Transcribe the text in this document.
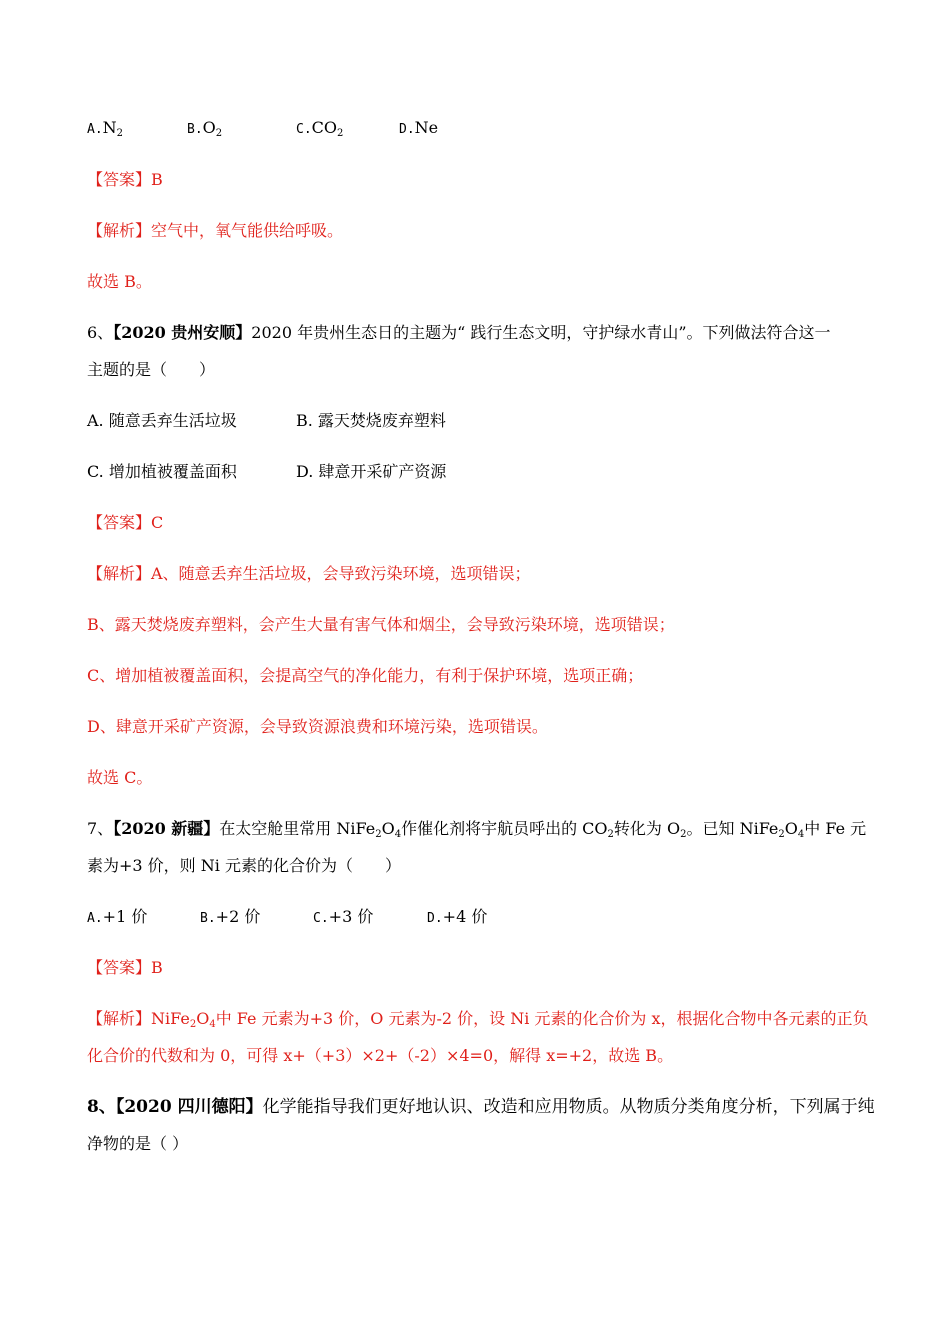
$A.N_2$	$B.O_2$	$C.CO_2$	D.Ne
【答案】B
【解析】空气中，氧气能供给呼吸。
故选 B。
6、【2020 贵州安顺】2020 年贵州生态日的主题为“ 践行生态文明，守护绿水青山”。下列做法符合这一
主题的是（　　）
A. 随意丢弃生活垃圾	B. 露天焚烧废弃塑料
C. 增加植被覆盖面积	D. 肆意开采矿产资源
【答案】C
【解析】A、随意丢弃生活垃圾，会导致污染环境，选项错误；
B、露天焚烧废弃塑料，会产生大量有害气体和烟尘，会导致污染环境，选项错误；
C、增加植被覆盖面积，会提高空气的净化能力，有利于保护环境，选项正确；
D、肆意开采矿产资源，会导致资源浪费和环境污染，选项错误。
故选 C。
7、【2020 新疆】在太空舱里常用 $NiFe_2O_4$作催化剂将宇航员呼出的 $CO_2$转化为 $O_2$。已知 $NiFe_2O_4$中 Fe 元
素为+3 价，则 Ni 元素的化合价为（　　）
A.+1 价	B.+2 价	C.+3 价	D.+4 价
【答案】B
【解析】$NiFe_2O_4$中 Fe 元素为+3 价，O 元素为-2 价，设 Ni 元素的化合价为 x，根据化合物中各元素的正负
化合价的代数和为 0，可得 x+（+3）×2+（-2）×4=0，解得 x=+2，故选 B。
8、【2020 四川德阳】化学能指导我们更好地认识、改造和应用物质。从物质分类角度分析，下列属于纯
净物的是（ ）
